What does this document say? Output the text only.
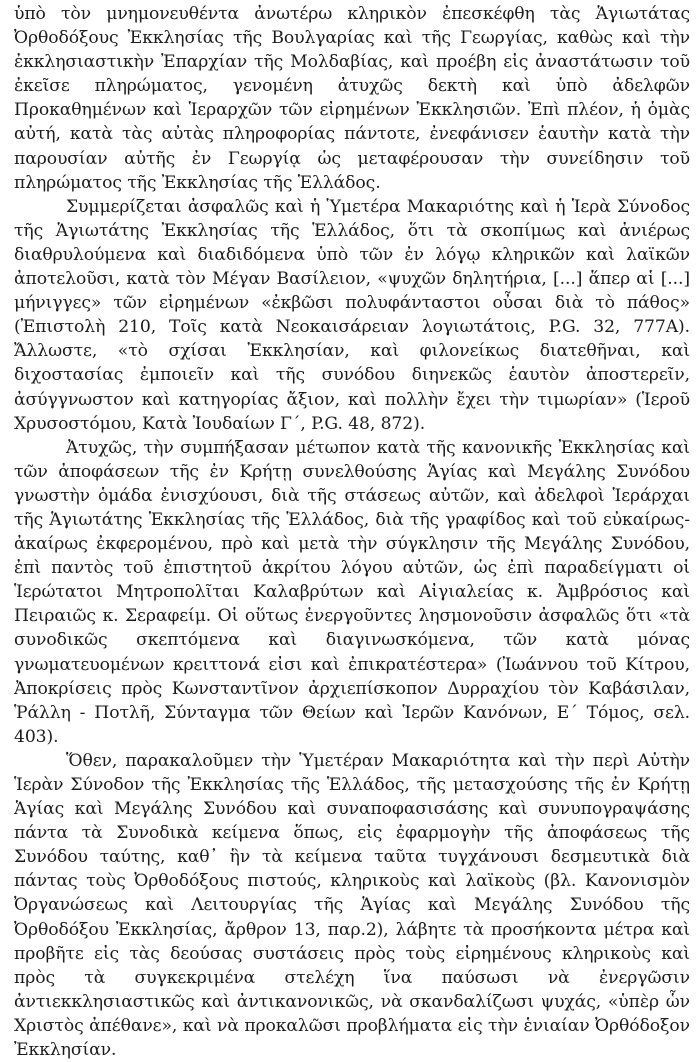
ὑπὸ τὸν μνημονευθέντα ἀνωτέρω κληρικὸν ἐπεσκέφθη τὰς Ἁγιωτάτας Ὀρθοδόξους Ἐκκλησίας τῆς Βουλγαρίας καὶ τῆς Γεωργίας, καθὼς καὶ τὴν ἐκκλησιαστικὴν Ἐπαρχίαν τῆς Μολδαβίας, καὶ προέβη εἰς ἀναστάτωσιν τοῦ ἐκεῖσε πληρώματος, γενομένη ἀτυχῶς δεκτὴ καὶ ὑπὸ ἀδελφῶν Προκαθημένων καὶ Ἱεραρχῶν τῶν εἰρημένων Ἐκκλησιῶν. Ἐπὶ πλέον, ἡ ὁμὰς αὐτή, κατὰ τὰς αὐτὰς πληροφορίας πάντοτε, ἐνεφάνισεν ἑαυτὴν κατὰ τὴν παρουσίαν αὐτῆς ἐν Γεωργίᾳ ὡς μεταφέρουσαν τὴν συνείδησιν τοῦ πληρώματος τῆς Ἐκκλησίας τῆς Ἑλλάδος.

Συμμερίζεται ἀσφαλῶς καὶ ἡ Ὑμετέρα Μακαριότης καὶ ἡ Ἱερὰ Σύνοδος τῆς Ἁγιωτάτης Ἐκκλησίας τῆς Ἑλλάδος, ὅτι τὰ σκοπίμως καὶ ἀνιέρως διαθρυλούμενα καὶ διαδιδόμενα ὑπὸ τῶν ἐν λόγῳ κληρικῶν καὶ λαϊκῶν ἀποτελοῦσι, κατὰ τὸν Μέγαν Βασίλειον, «ψυχῶν δηλητήρια, [...] ἅπερ αἱ [...] μήνιγγες» τῶν εἰρημένων «ἐκβῶσι πολυφάνταστοι οὖσαι διὰ τὸ πάθος» (Ἐπιστολὴ 210, Τοῖς κατὰ Νεοκαισάρειαν λογιωτάτοις, P.G. 32, 777A). Ἄλλωστε, «τὸ σχίσαι Ἐκκλησίαν, καὶ φιλονείκως διατεθῆναι, καὶ διχοστασίας ἐμποιεῖν καὶ τῆς συνόδου διηνεκῶς ἑαυτὸν ἀποστερεῖν, ἀσύγγνωστον καὶ κατηγορίας ἄξιον, καὶ πολλὴν ἔχει τὴν τιμωρίαν» (Ἱεροῦ Χρυσοστόμου, Κατὰ Ἰουδαίων Γ΄, P.G. 48, 872).

Ἀτυχῶς, τὴν συμπήξασαν μέτωπον κατὰ τῆς κανονικῆς Ἐκκλησίας καὶ τῶν ἀποφάσεων τῆς ἐν Κρήτῃ συνελθούσης Ἁγίας καὶ Μεγάλης Συνόδου γνωστὴν ὁμάδα ἐνισχύουσι, διὰ τῆς στάσεως αὐτῶν, καὶ ἀδελφοὶ Ἱεράρχαι τῆς Ἁγιωτάτης Ἐκκλησίας τῆς Ἑλλάδος, διὰ τῆς γραφίδος καὶ τοῦ εὐκαίρως-ἀκαίρως ἐκφερομένου, πρὸ καὶ μετὰ τὴν σύγκλησιν τῆς Μεγάλης Συνόδου, ἐπὶ παντὸς τοῦ ἐπιστητοῦ ἀκρίτου λόγου αὐτῶν, ὡς ἐπὶ παραδείγματι οἱ Ἱερώτατοι Μητροπολῖται Καλαβρύτων καὶ Αἰγιαλείας κ. Ἀμβρόσιος καὶ Πειραιῶς κ. Σεραφείμ. Οἱ οὕτως ἐνεργοῦντες λησμονοῦσιν ἀσφαλῶς ὅτι «τὰ συνοδικῶς σκεπτόμενα καὶ διαγινωσκόμενα, τῶν κατὰ μόνας γνωματευομένων κρειττονά εἰσι καὶ ἐπικρατέστερα» (Ἰωάννου τοῦ Κίτρου, Ἀποκρίσεις πρὸς Κωνσταντῖνον ἀρχιεπίσκοπον Δυρραχίου τὸν Καβάσιλαν, Ῥάλλη - Ποτλῆ, Σύνταγμα τῶν Θείων καὶ Ἱερῶν Κανόνων, Ε΄ Τόμος, σελ. 403).

Ὅθεν, παρακαλοῦμεν τὴν Ὑμετέραν Μακαριότητα καὶ τὴν περὶ Αὐτὴν Ἱερὰν Σύνοδον τῆς Ἐκκλησίας τῆς Ἑλλάδος, τῆς μετασχούσης τῆς ἐν Κρήτῃ Ἁγίας καὶ Μεγάλης Συνόδου καὶ συναποφασισάσης καὶ συνυπογραψάσης πάντα τὰ Συνοδικὰ κείμενα ὅπως, εἰς ἐφαρμογὴν τῆς ἀποφάσεως τῆς Συνόδου ταύτης, καθ᾽ ἣν τὰ κείμενα ταῦτα τυγχάνουσι δεσμευτικὰ διὰ πάντας τοὺς Ὀρθοδόξους πιστούς, κληρικοὺς καὶ λαϊκοὺς (βλ. Κανονισμὸν Ὀργανώσεως καὶ Λειτουργίας τῆς Ἁγίας καὶ Μεγάλης Συνόδου τῆς Ὀρθοδόξου Ἐκκλησίας, ἄρθρον 13, παρ.2), λάβητε τὰ προσήκοντα μέτρα καὶ προβῆτε εἰς τὰς δεούσας συστάσεις πρὸς τοὺς εἰρημένους κληρικοὺς καὶ πρὸς τὰ συγκεκριμένα στελέχη ἵνα παύσωσι νὰ ἐνεργῶσιν ἀντιεκκλησιαστικῶς καὶ ἀντικανονικῶς, νὰ σκανδαλίζωσι ψυχάς, «ὑπὲρ ὧν Χριστὸς ἀπέθανε», καὶ νὰ προκαλῶσι προβλήματα εἰς τὴν ἑνιαίαν Ὀρθόδοξον Ἐκκλησίαν.
